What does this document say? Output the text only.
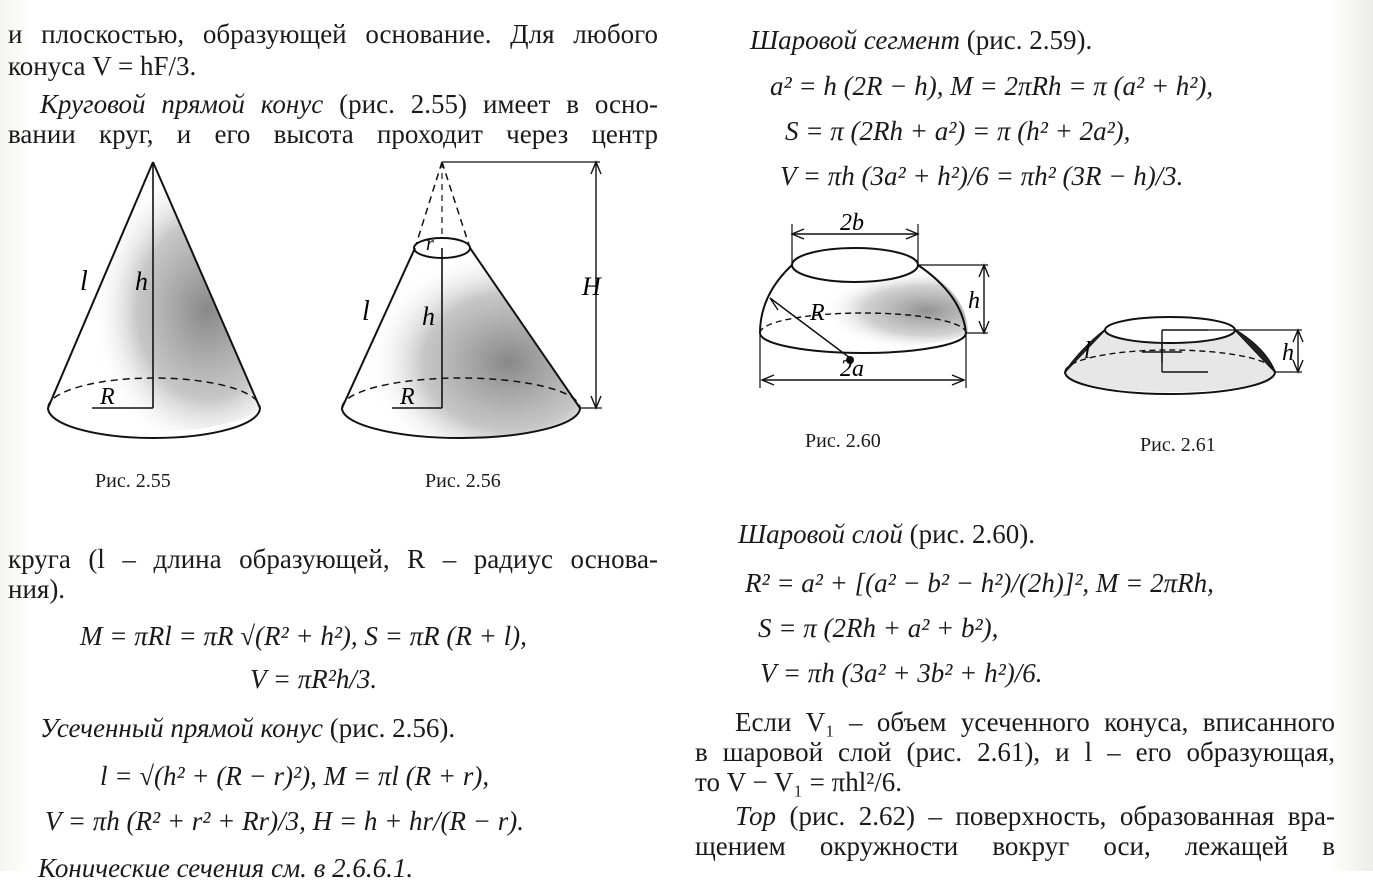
и плоскостью, образующей основание. Для любого
конуса V = hF/3.
Круговой прямой конус (рис. 2.55) имеет в осно-
вании круг, и его высота проходит через центр
l h
R
Рис. 2.55
r
H
l h
R
Рис. 2.56
круга (l – длина образующей, R – радиус основа-
ния).
M = πRl = πR √(R² + h²), S = πR (R + l),
V = πR²h/3.
Усеченный прямой конус (рис. 2.56).
l = √(h² + (R − r)²), M = πl (R + r),
V = πh (R² + r² + Rr)/3, H = h + hr/(R − r).
Конические сечения см. в 2.6.6.1.
Шаровой сегмент (рис. 2.59).
a² = h (2R − h), M = 2πRh = π (a² + h²),
S = π (2Rh + a²) = π (h² + 2a²),
V = πh (3a² + h²)/6 = πh² (3R − h)/3.
2b
h
R
2a
Рис. 2.60
l	h
Рис. 2.61
Шаровой слой (рис. 2.60).
R² = a² + [(a² − b² − h²)/(2h)]², M = 2πRh,
S = π (2Rh + a² + b²),
V = πh (3a² + 3b² + h²)/6.
Если V₁ – объем усеченного конуса, вписанного
в шаровой слой (рис. 2.61), и l – его образующая,
то V − V₁ = πhl²/6.
Тор (рис. 2.62) – поверхность, образованная вра-
щением окружности вокруг оси, лежащей в
